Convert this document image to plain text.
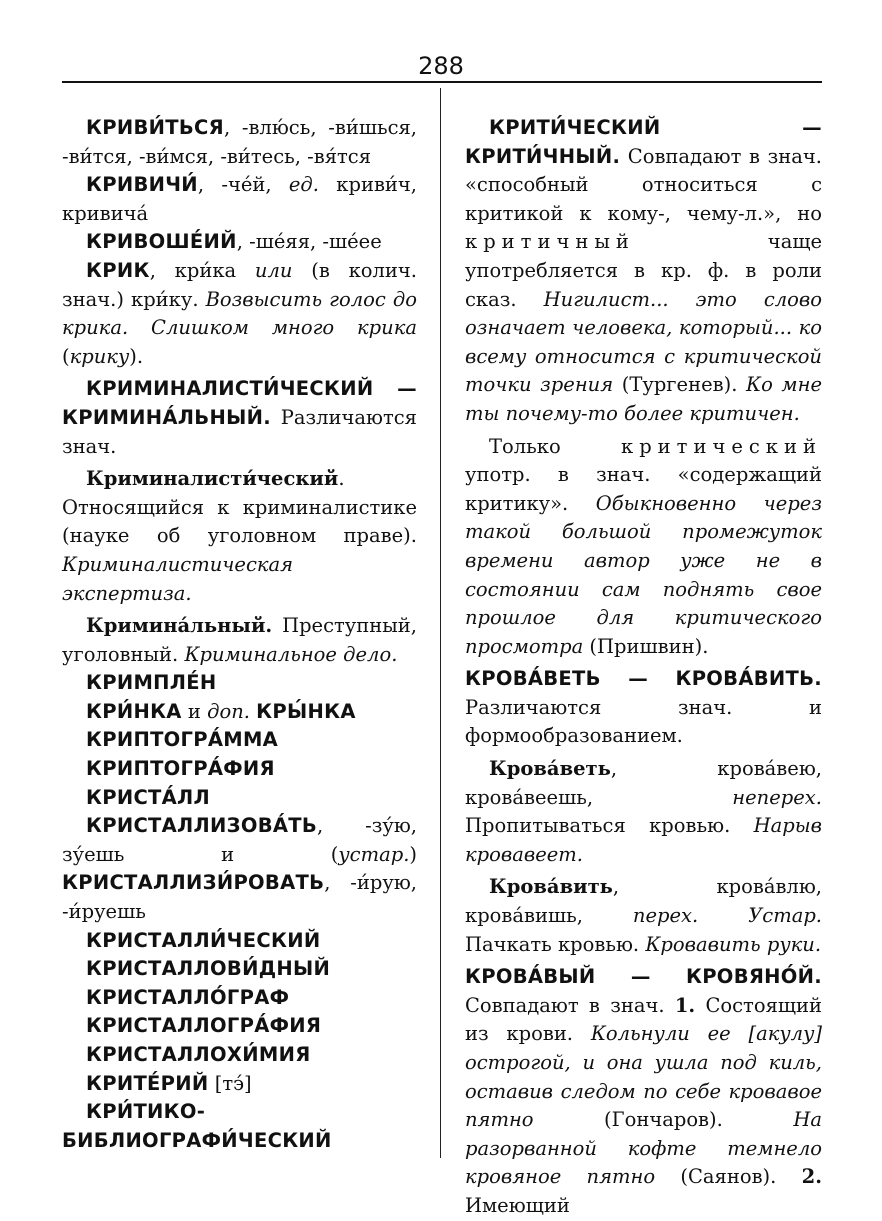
288

КРИВИ́ТЬСЯ, -влю́сь, -ви́шься, -ви́тся, -ви́мся, -ви́тесь, -вя́тся

КРИВИЧИ́, -че́й, ед. криви́ч, кривича́

КРИВОШЕ́ИЙ, -ше́яя, -ше́ее

КРИК, кри́ка или (в колич. знач.) кри́ку. Возвысить голос до крика. Слишком много крика (крику).

КРИМИНАЛИСТИ́ЧЕСКИЙ — КРИМИНА́ЛЬНЫЙ. Различаются знач.

Криминалисти́ческий. Относящийся к криминалистике (науке об уголовном праве). Криминалистическая экспертиза.

Кримина́льный. Преступный, уголовный. Криминальное дело.

КРИМПЛЕ́Н

КРИ́НКА и доп. КРЫ́НКА

КРИПТОГРА́ММА

КРИПТОГРА́ФИЯ

КРИСТА́ЛЛ

КРИСТАЛЛИЗОВА́ТЬ, -зу́ю, зу́ешь и (устар.) КРИСТАЛЛИЗИ́РОВАТЬ, -и́рую, -и́руешь

КРИСТАЛЛИ́ЧЕСКИЙ

КРИСТАЛЛОВИ́ДНЫЙ

КРИСТАЛЛО́ГРАФ

КРИСТАЛЛОГРА́ФИЯ

КРИСТАЛЛОХИ́МИЯ

КРИТЕ́РИЙ [тэ́]

КРИ́ТИКО-БИБЛИОГРАФИ́ЧЕСКИЙ

КРИТИ́ЧЕСКИЙ — КРИТИ́ЧНЫЙ. Совпадают в знач. «способный относиться с критикой к кому-, чему-л.», но критичный чаще употребляется в кр. ф. в роли сказ. Нигилист... это слово означает человека, который... ко всему относится с критической точки зрения (Тургенев). Ко мне ты почему-то более критичен.

Только критический употр. в знач. «содержащий критику». Обыкновенно через такой большой промежуток времени автор уже не в состоянии сам поднять свое прошлое для критического просмотра (Пришвин).

КРОВА́ВЕТЬ — КРОВА́ВИТЬ. Различаются знач. и формообразованием.

Крова́веть, крова́вею, крова́веешь, неперех. Пропитываться кровью. Нарыв кровавеет.

Крова́вить, крова́влю, крова́вишь, перех. Устар. Пачкать кровью. Кровавить руки.

КРОВА́ВЫЙ — КРОВЯНО́Й. Совпадают в знач. 1. Состоящий из крови. Кольнули ее [акулу] острогой, и она ушла под киль, оставив следом по себе кровавое пятно (Гончаров). На разорванной кофте темнело кровяное пятно (Саянов). 2. Имеющий
